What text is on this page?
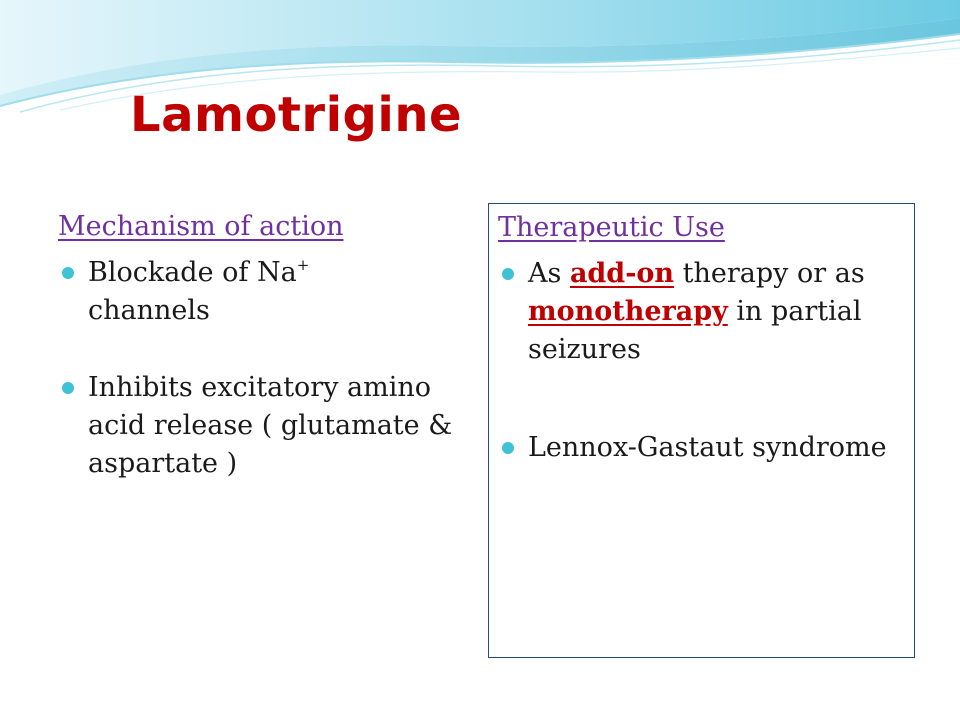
Lamotrigine
Mechanism of action
Blockade of Na+
channels
Inhibits excitatory amino acid release ( glutamate & aspartate )
Therapeutic Use
As add-on therapy or as monotherapy in partial seizures
Lennox-Gastaut syndrome
